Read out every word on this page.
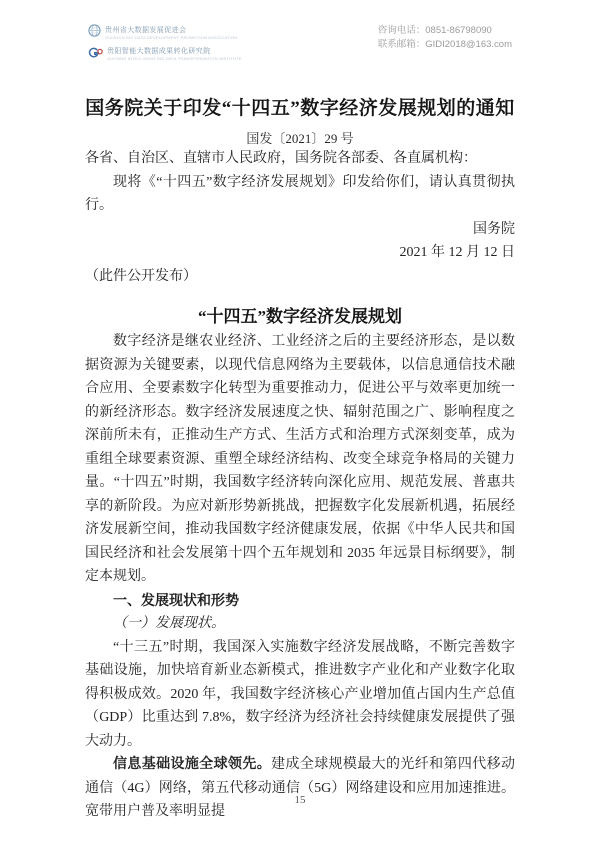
贵州省大数据发展促进会
GUIZHOU BIG DATA DEVELOPMENT PROMOTION ASSOCIATION
贵阳智能大数据成果转化研究院
GUIYANG INTELLIGENT BIG DATA TRANSFORMATION INSTITUTE
咨询电话：0851-86798090
联系邮箱：GIDI2018@163.com
国务院关于印发“十四五”数字经济发展规划的通知
国发〔2021〕29 号

各省、自治区、直辖市人民政府，国务院各部委、各直属机构：

现将《“十四五”数字经济发展规划》印发给你们，请认真贯彻执行。

国务院

2021 年 12 月 12 日

（此件公开发布）

“十四五”数字经济发展规划

数字经济是继农业经济、工业经济之后的主要经济形态，是以数据资源为关键要素，以现代信息网络为主要载体，以信息通信技术融合应用、全要素数字化转型为重要推动力，促进公平与效率更加统一的新经济形态。数字经济发展速度之快、辐射范围之广、影响程度之深前所未有，正推动生产方式、生活方式和治理方式深刻变革，成为重组全球要素资源、重塑全球经济结构、改变全球竞争格局的关键力量。“十四五”时期，我国数字经济转向深化应用、规范发展、普惠共享的新阶段。为应对新形势新挑战，把握数字化发展新机遇，拓展经济发展新空间，推动我国数字经济健康发展，依据《中华人民共和国国民经济和社会发展第十四个五年规划和 2035 年远景目标纲要》，制定本规划。

一、发展现状和形势

（一）发展现状。

“十三五”时期，我国深入实施数字经济发展战略，不断完善数字基础设施，加快培育新业态新模式，推进数字产业化和产业数字化取得积极成效。2020 年，我国数字经济核心产业增加值占国内生产总值（GDP）比重达到 7.8%，数字经济为经济社会持续健康发展提供了强大动力。

信息基础设施全球领先。建成全球规模最大的光纤和第四代移动通信（4G）网络，第五代移动通信（5G）网络建设和应用加速推进。宽带用户普及率明显提

15
